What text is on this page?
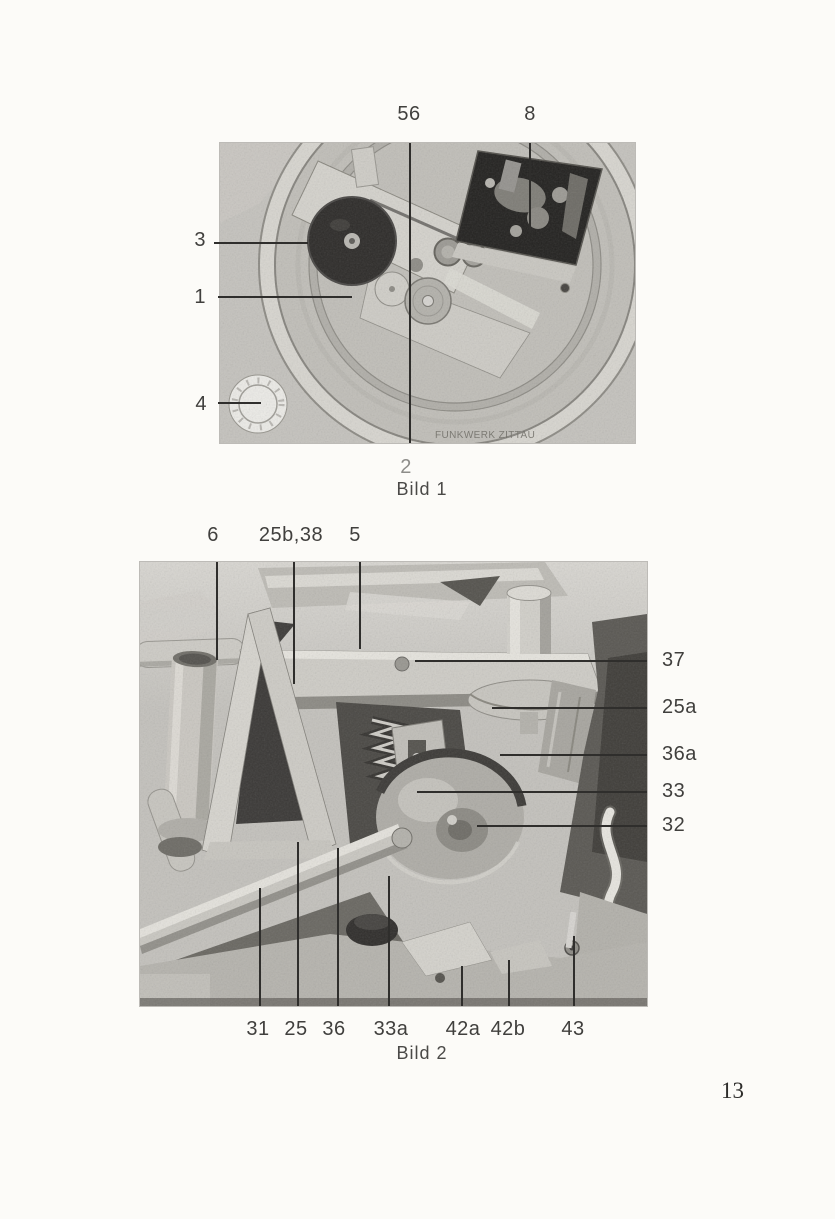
FUNKWERK ZITTAU
56	8
3
1
4
2
Bild 1
6 25b,38 5
37
25a
36a
33
32
31 25 36 33a 42a 42b 43
Bild 2
13
